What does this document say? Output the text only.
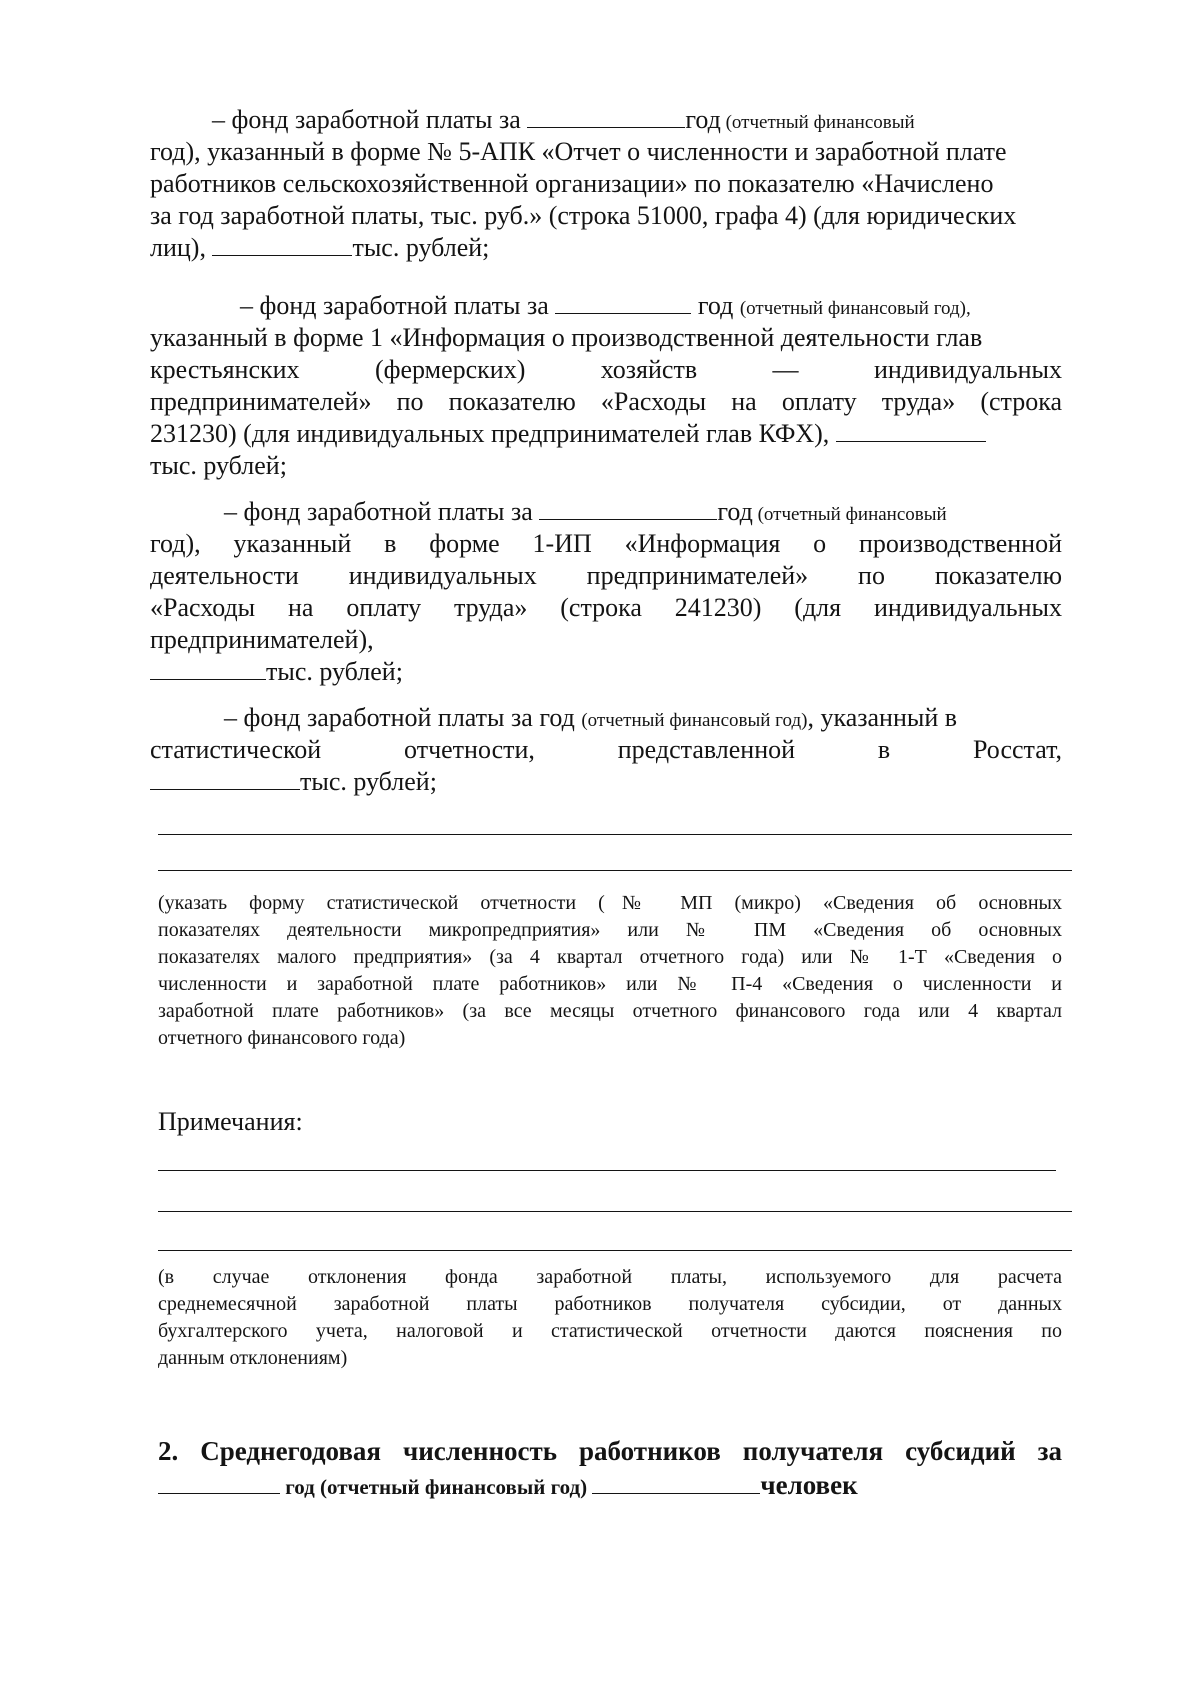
– фонд заработной платы за	год (отчетный финансовый
год), указанный в форме № 5-АПК «Отчет о численности и заработной плате
работников сельскохозяйственной организации» по показателю «Начислено
за год заработной платы, тыс. руб.» (строка 51000, графа 4) (для юридических
лиц),	тыс. рублей;
– фонд заработной платы за	год (отчетный финансовый год),
указанный в форме 1 «Информация о производственной деятельности глав
крестьянских (фермерских) хозяйств — индивидуальных
предпринимателей» по показателю «Расходы на оплату труда» (строка
231230) (для индивидуальных предпринимателей глав КФХ),
тыс. рублей;
– фонд заработной платы за	год (отчетный финансовый
год), указанный в форме 1-ИП «Информация о производственной
деятельности индивидуальных предпринимателей» по показателю
«Расходы на оплату труда» (строка 241230) (для индивидуальных
предпринимателей),
тыс. рублей;
– фонд заработной платы за год (отчетный финансовый год), указанный в
статистической отчетности, представленной в Росстат,
тыс. рублей;
(указать форму статистической отчетности (№ МП (микро) «Сведения об основных
показателях деятельности микропредприятия» или № ПМ «Сведения об основных
показателях малого предприятия» (за 4 квартал отчетного года) или № 1-Т «Сведения о
численности и заработной плате работников» или № П-4 «Сведения о численности и
заработной плате работников» (за все месяцы отчетного финансового года или 4 квартал
отчетного финансового года)
Примечания:
(в случае отклонения фонда заработной платы, используемого для расчета
среднемесячной заработной платы работников получателя субсидии, от данных
бухгалтерского учета, налоговой и статистической отчетности даются пояснения по
данным отклонениям)
2. Среднегодовая численность работников получателя субсидий за
год (отчетный финансовый год)	человек
